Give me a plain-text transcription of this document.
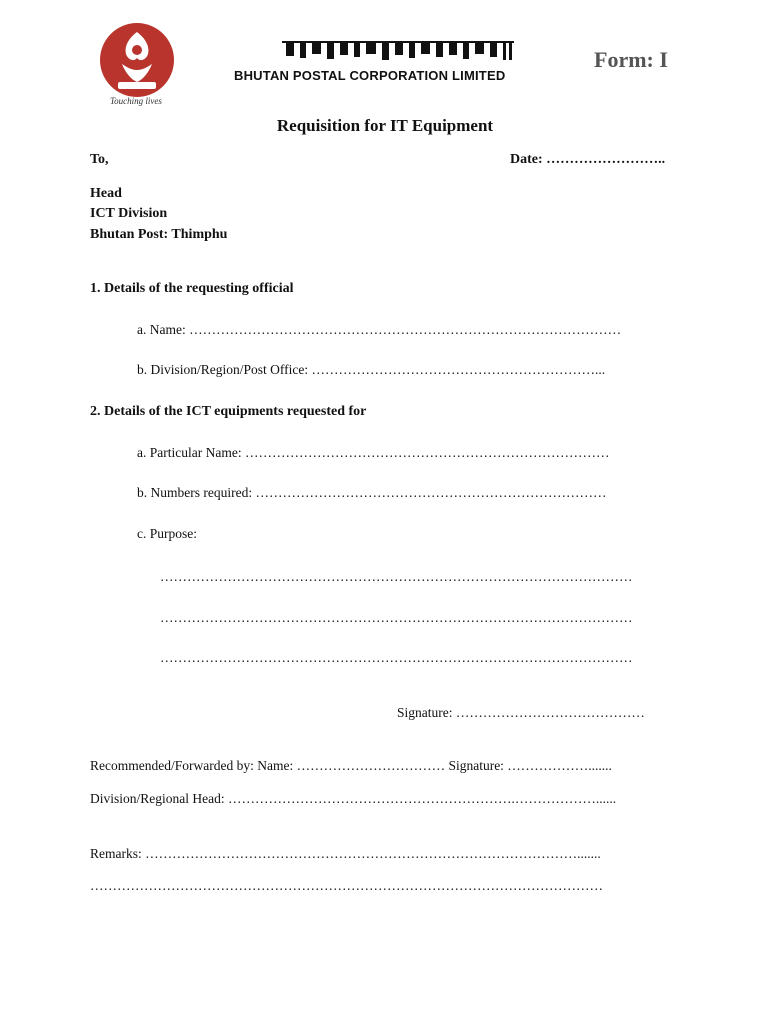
Touching lives
BHUTAN POSTAL CORPORATION LIMITED
Form: I
Requisition for IT Equipment
To,	Date: ……………………..
Head
ICT Division
Bhutan Post: Thimphu
1. Details of the requesting official
a. Name: ……………………………………………………………………………………
b. Division/Region/Post Office: ………………………………………………………...
2. Details of the ICT equipments requested for
a. Particular Name: ………………………………………………………………………
b. Numbers required: ……………………………………………………………………
c. Purpose:
……………………………………………………………………………………………
……………………………………………………………………………………………
……………………………………………………………………………………………
Signature: ……………………………………
Recommended/Forwarded by: Name: …………………………… Signature: ……………….......
Division/Regional Head: ……………………………………………………….………………......
Remarks: …………………………………………………………………………………….......
……………………………………………………………………………………………………
